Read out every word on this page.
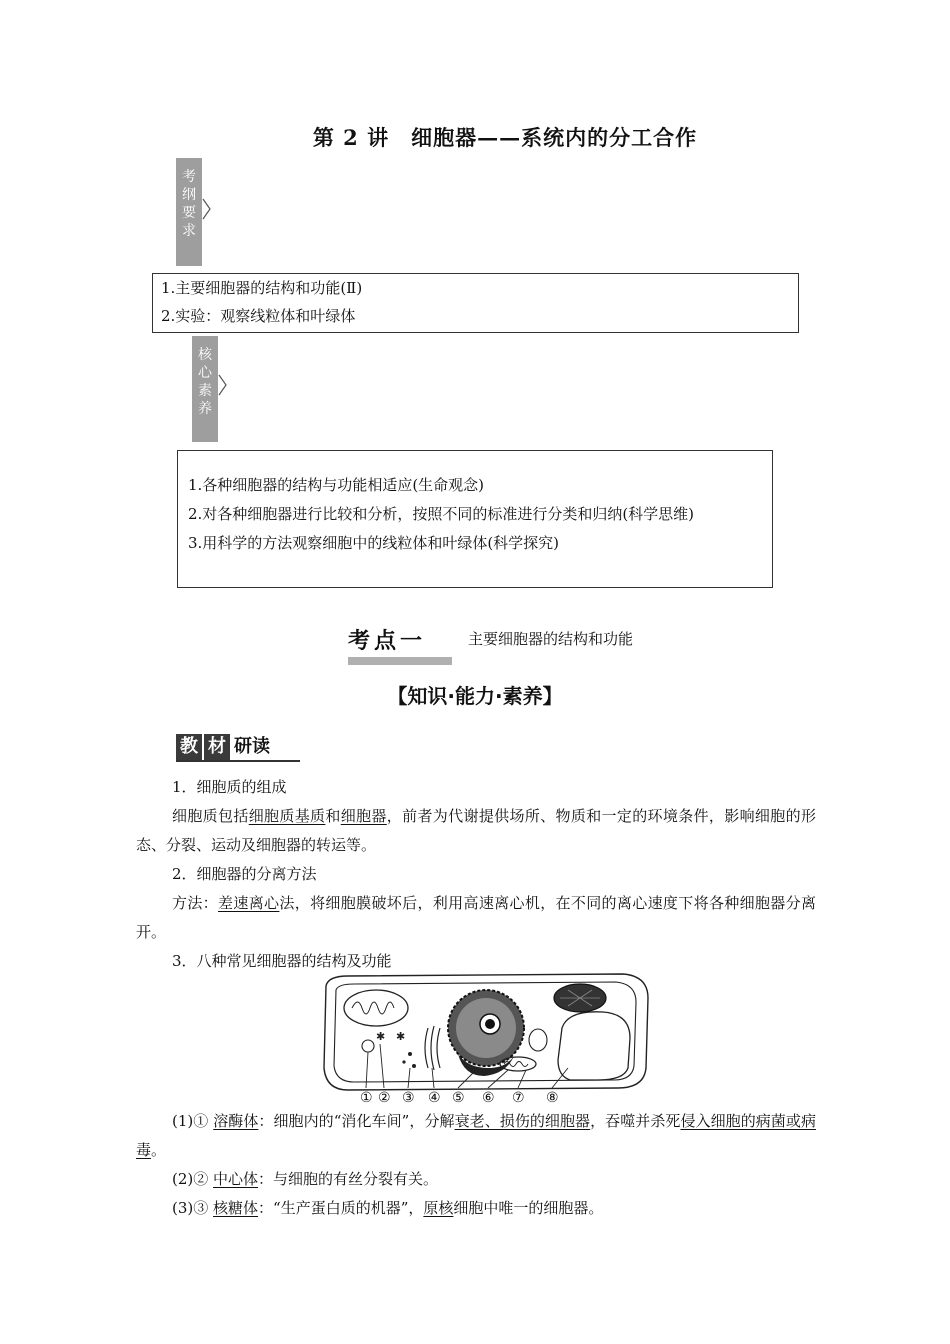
第 2 讲　细胞器——系统内的分工合作
考
纲
要
求

1.主要细胞器的结构和功能(Ⅱ)

2.实验：观察线粒体和叶绿体

核
心
素
养

1.各种细胞器的结构与功能相适应(生命观念)

2.对各种细胞器进行比较和分析，按照不同的标准进行分类和归纳(科学思维)

3.用科学的方法观察细胞中的线粒体和叶绿体(科学探究)

考点一	主要细胞器的结构和功能
【知识·能力·素养】
教 材 研读

1．细胞质的组成

细胞质包括细胞质基质和细胞器，前者为代谢提供场所、物质和一定的环境条件，影响细胞的形态、分裂、运动及细胞器的转运等。

2．细胞器的分离方法

方法：差速离心法，将细胞膜破坏后，利用高速离心机，在不同的离心速度下将各种细胞器分离开。

3．八种常见细胞器的结构及功能

✱ ✱
① ② ③ ④ ⑤ ⑥ ⑦ ⑧

(1)① 溶酶体：细胞内的“消化车间”，分解衰老、损伤的细胞器，吞噬并杀死侵入细胞的病菌或病毒。

(2)② 中心体：与细胞的有丝分裂有关。

(3)③ 核糖体：“生产蛋白质的机器”，原核细胞中唯一的细胞器。
